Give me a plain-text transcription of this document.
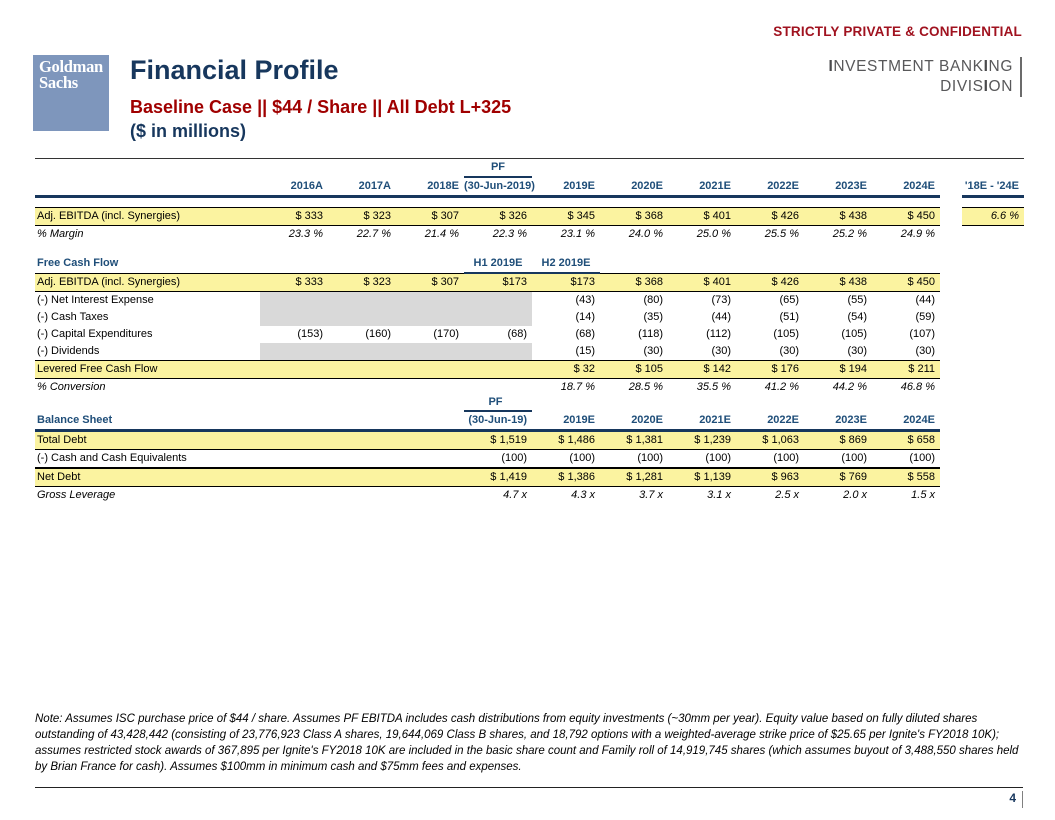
STRICTLY PRIVATE & CONFIDENTIAL
INVESTMENT BANKING
DIVISION
Goldman
Sachs	Financial Profile
Baseline Case || $44 / Share || All Debt L+325
($ in millions)
				PF								
	2016A	2017A	2018E	(30-Jun-2019)	2019E	2020E	2021E	2022E	2023E	2024E		'18E - '24E

Adj. EBITDA (incl. Synergies)	$ 333	$ 323	$ 307	$ 326	$ 345	$ 368	$ 401	$ 426	$ 438	$ 450		6.6 %
% Margin	23.3 %	22.7 %	21.4 %	22.3 %	23.1 %	24.0 %	25.0 %	25.5 %	25.2 %	24.9 %		

Free Cash Flow				H1 2019E	H2 2019E							
Adj. EBITDA (incl. Synergies)	$ 333	$ 323	$ 307	$173	$173	$ 368	$ 401	$ 426	$ 438	$ 450		
(-) Net Interest Expense					(43)	(80)	(73)	(65)	(55)	(44)		
(-) Cash Taxes					(14)	(35)	(44)	(51)	(54)	(59)		
(-) Capital Expenditures	(153)	(160)	(170)	(68)	(68)	(118)	(112)	(105)	(105)	(107)		
(-) Dividends					(15)	(30)	(30)	(30)	(30)	(30)		
Levered Free Cash Flow					$ 32	$ 105	$ 142	$ 176	$ 194	$ 211		
% Conversion					18.7 %	28.5 %	35.5 %	41.2 %	44.2 %	46.8 %		
				PF								
Balance Sheet				(30-Jun-19)	2019E	2020E	2021E	2022E	2023E	2024E		
Total Debt				$ 1,519	$ 1,486	$ 1,381	$ 1,239	$ 1,063	$ 869	$ 658		
(-) Cash and Cash Equivalents				(100)	(100)	(100)	(100)	(100)	(100)	(100)		
Net Debt				$ 1,419	$ 1,386	$ 1,281	$ 1,139	$ 963	$ 769	$ 558		
Gross Leverage				4.7 x	4.3 x	3.7 x	3.1 x	2.5 x	2.0 x	1.5 x		
Note: Assumes ISC purchase price of $44 / share. Assumes PF EBITDA includes cash distributions from equity investments (~30mm per year). Equity value based on fully diluted shares outstanding of 43,428,442 (consisting of 23,776,923 Class A shares, 19,644,069 Class B shares, and 18,792 options with a weighted-average strike price of $25.65 per Ignite's FY2018 10K); assumes restricted stock awards of 367,895 per Ignite's FY2018 10K are included in the basic share count and Family roll of 14,919,745 shares (which assumes buyout of 3,488,550 shares held by Brian France for cash). Assumes $100mm in minimum cash and $75mm fees and expenses.
4
